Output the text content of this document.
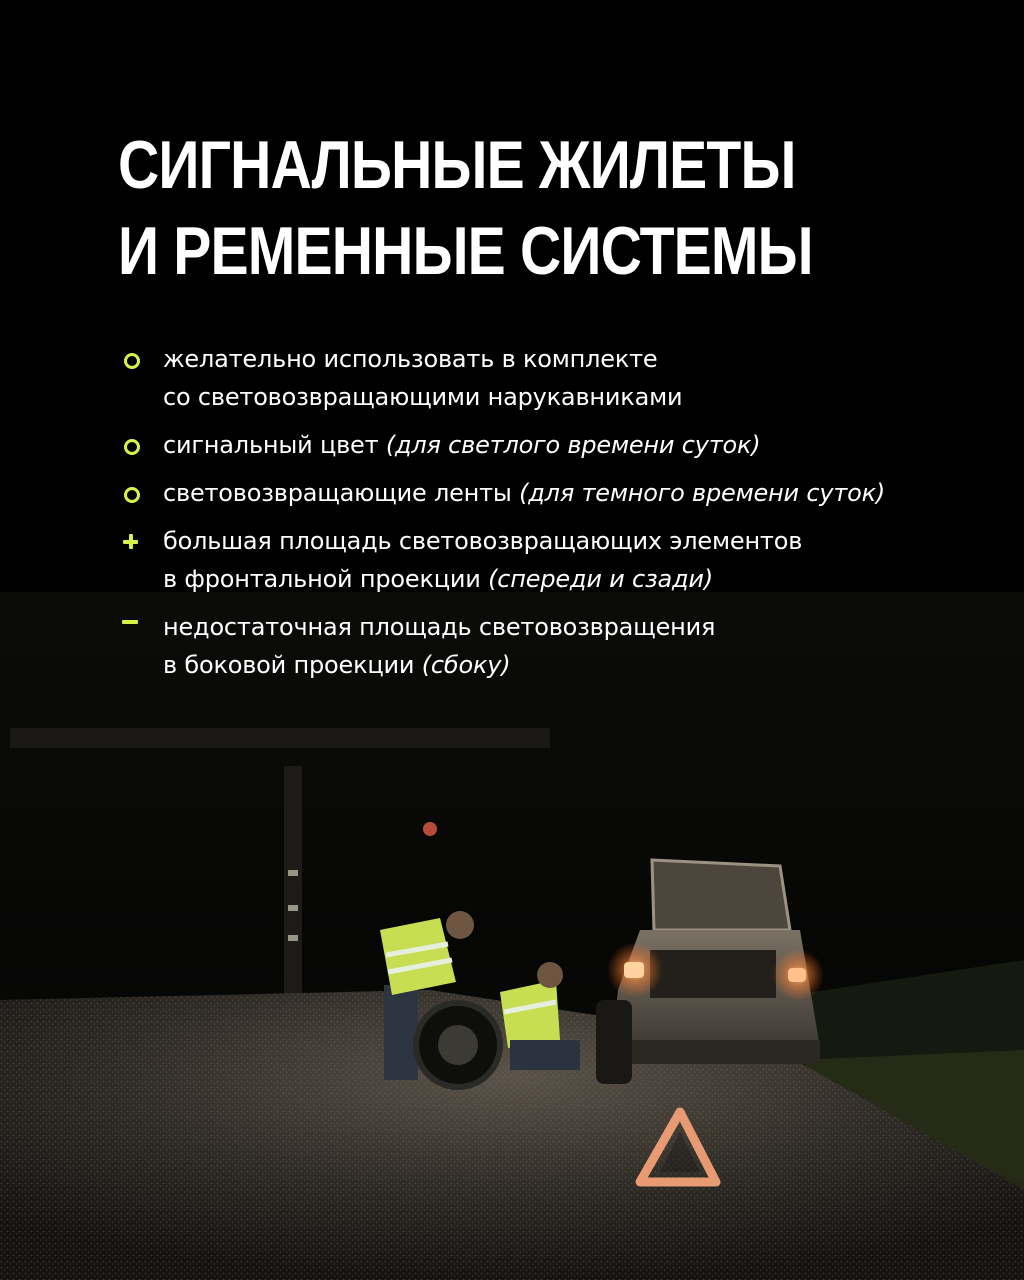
СИГНАЛЬНЫЕ ЖИЛЕТЫ
И РЕМЕННЫЕ СИСТЕМЫ
желательно использовать в комплекте
со световозвращающими нарукавниками
сигнальный цвет (для светлого времени суток)
световозвращающие ленты (для темного времени суток)
большая площадь световозвращающих элементов
в фронтальной проекции (спереди и сзади)
недостаточная площадь световозвращения
в боковой проекции (сбоку)
